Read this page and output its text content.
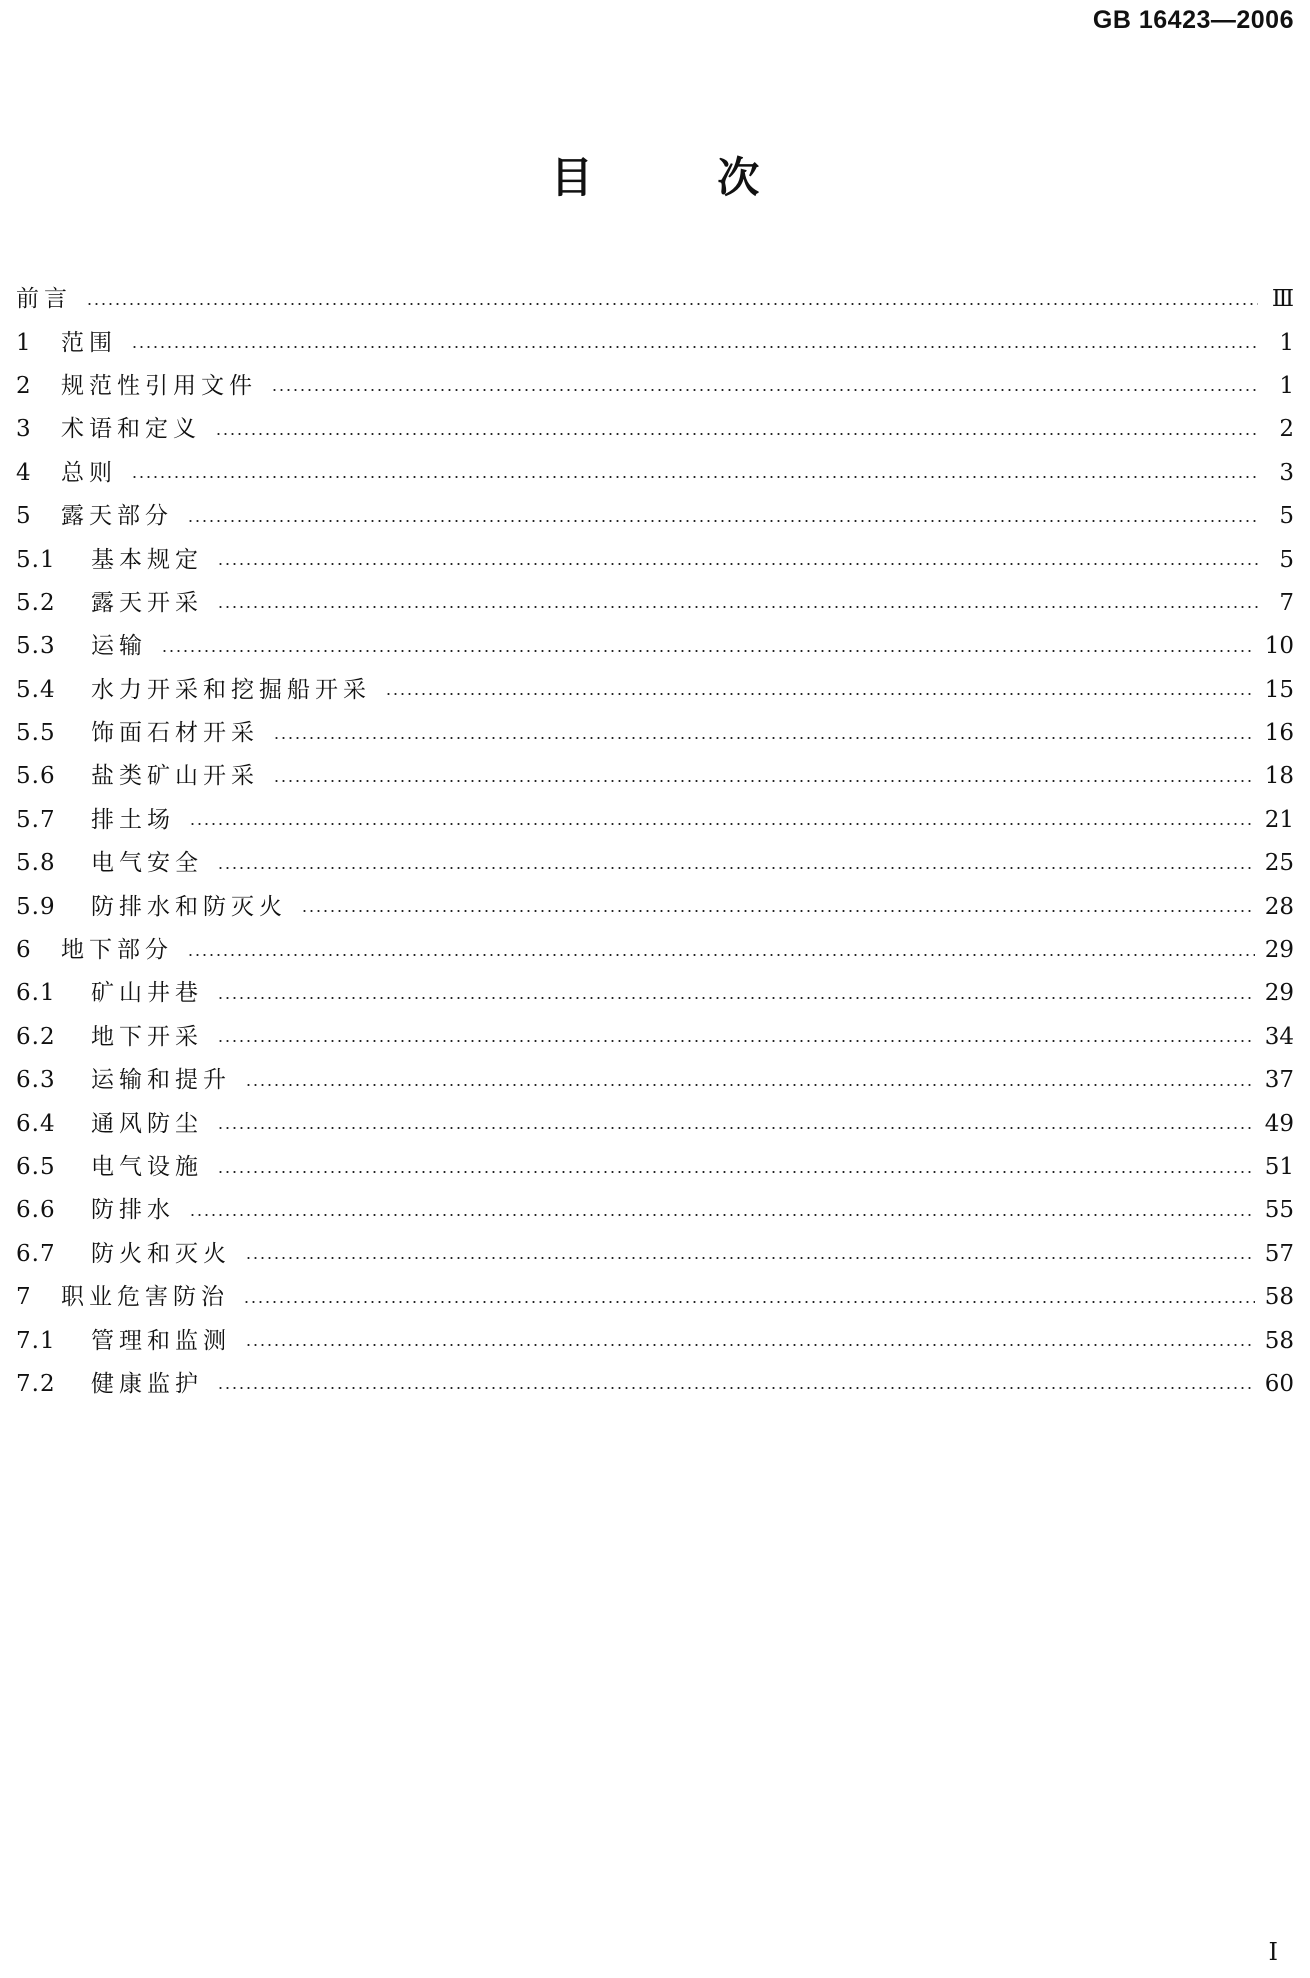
GB 16423—2006
目 次
前言	Ⅲ
1	范围	1
2	规范性引用文件	1
3	术语和定义	2
4	总则	3
5	露天部分	5
5.1	基本规定	5
5.2	露天开采	7
5.3	运输	10
5.4	水力开采和挖掘船开采	15
5.5	饰面石材开采	16
5.6	盐类矿山开采	18
5.7	排土场	21
5.8	电气安全	25
5.9	防排水和防灭火	28
6	地下部分	29
6.1	矿山井巷	29
6.2	地下开采	34
6.3	运输和提升	37
6.4	通风防尘	49
6.5	电气设施	51
6.6	防排水	55
6.7	防火和灭火	57
7	职业危害防治	58
7.1	管理和监测	58
7.2	健康监护	60
I
